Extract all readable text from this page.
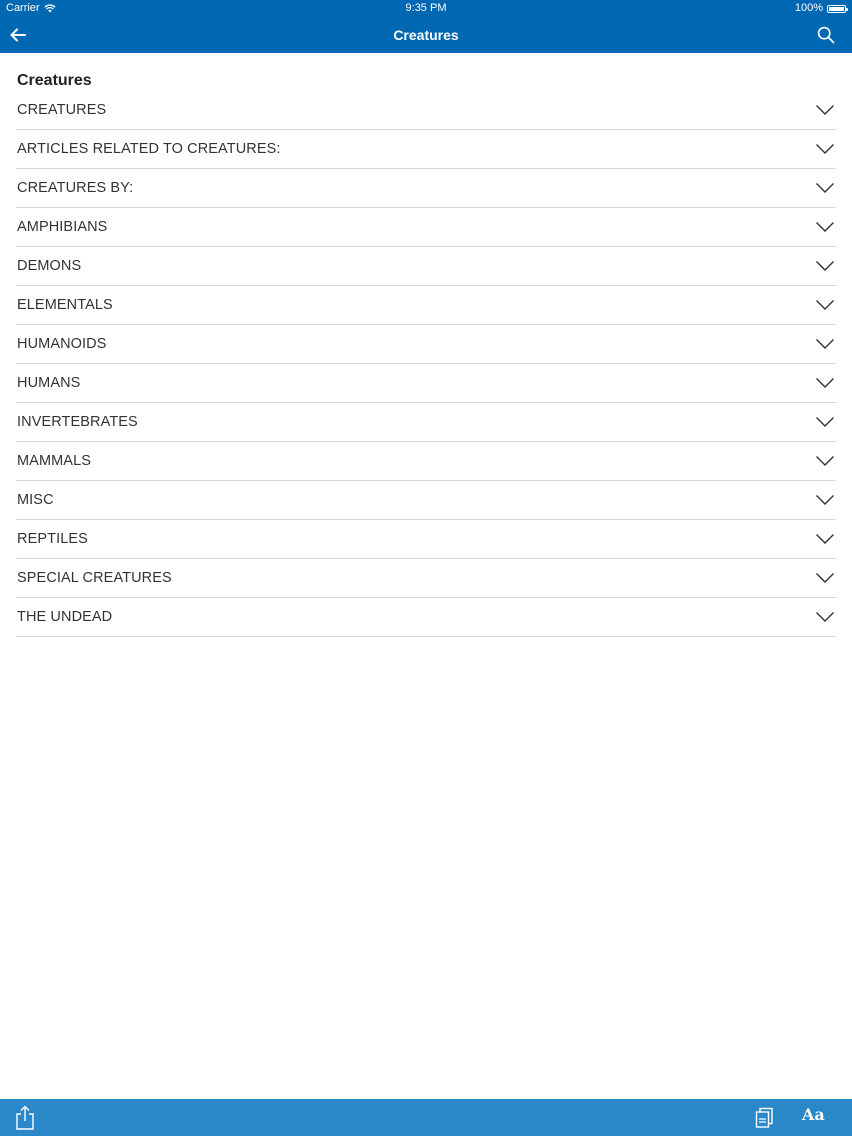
Carrier	9:35 PM	100%
Creatures
Creatures
CREATURES
ARTICLES RELATED TO CREATURES:
CREATURES BY:
AMPHIBIANS
DEMONS
ELEMENTALS
HUMANOIDS
HUMANS
INVERTEBRATES
MAMMALS
MISC
REPTILES
SPECIAL CREATURES
THE UNDEAD
Aa
